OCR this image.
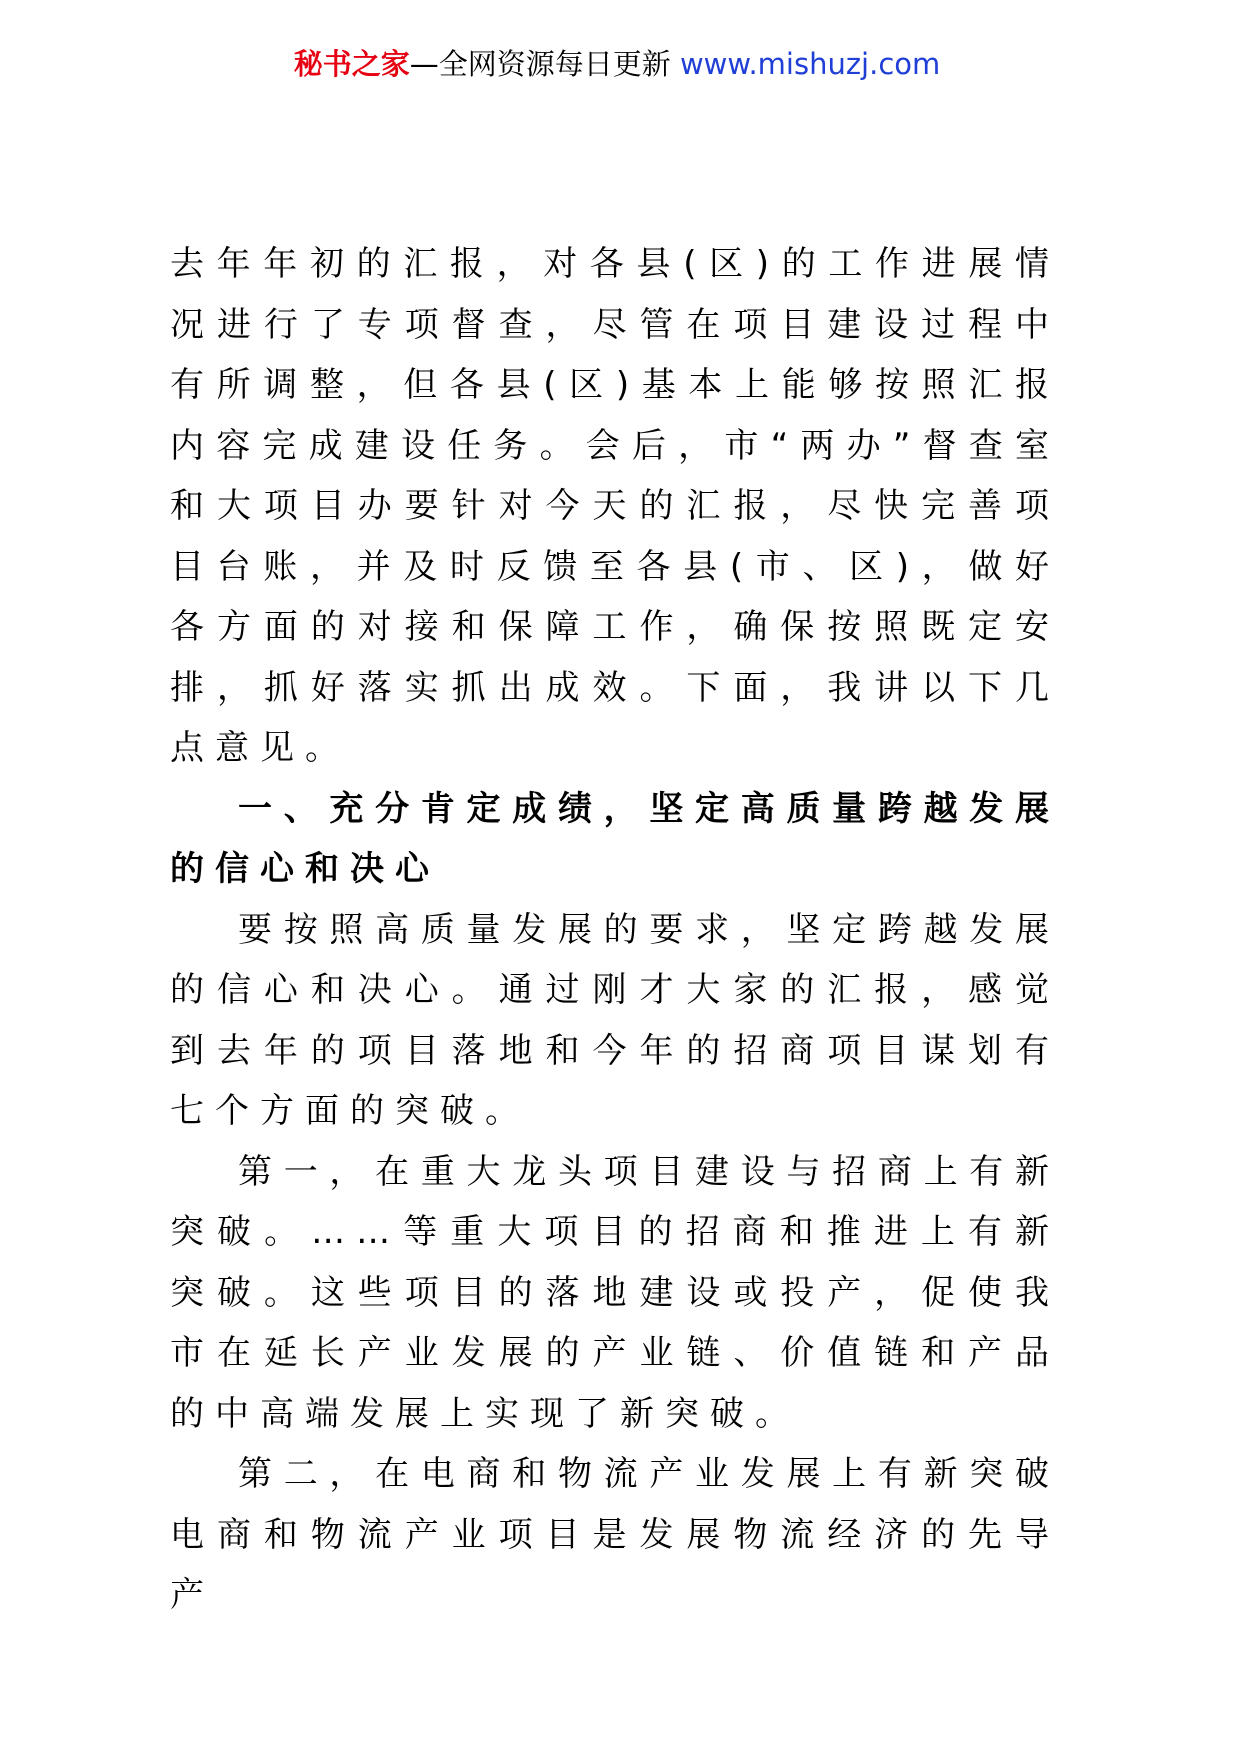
秘书之家—全网资源每日更新 www.mishuzj.com

去年年初的汇报，对各县(区)的工作进展情况进行了专项督查，尽管在项目建设过程中有所调整，但各县(区)基本上能够按照汇报内容完成建设任务。会后，市“两办”督查室和大项目办要针对今天的汇报，尽快完善项目台账，并及时反馈至各县(市、区)，做好各方面的对接和保障工作，确保按照既定安排，抓好落实抓出成效。下面，我讲以下几点意见。

一、充分肯定成绩，坚定高质量跨越发展的信心和决心

要按照高质量发展的要求，坚定跨越发展的信心和决心。通过刚才大家的汇报，感觉到去年的项目落地和今年的招商项目谋划有七个方面的突破。

第一，在重大龙头项目建设与招商上有新突破。……等重大项目的招商和推进上有新突破。这些项目的落地建设或投产，促使我市在延长产业发展的产业链、价值链和产品的中高端发展上实现了新突破。

第二，在电商和物流产业发展上有新突破电商和物流产业项目是发展物流经济的先导产
